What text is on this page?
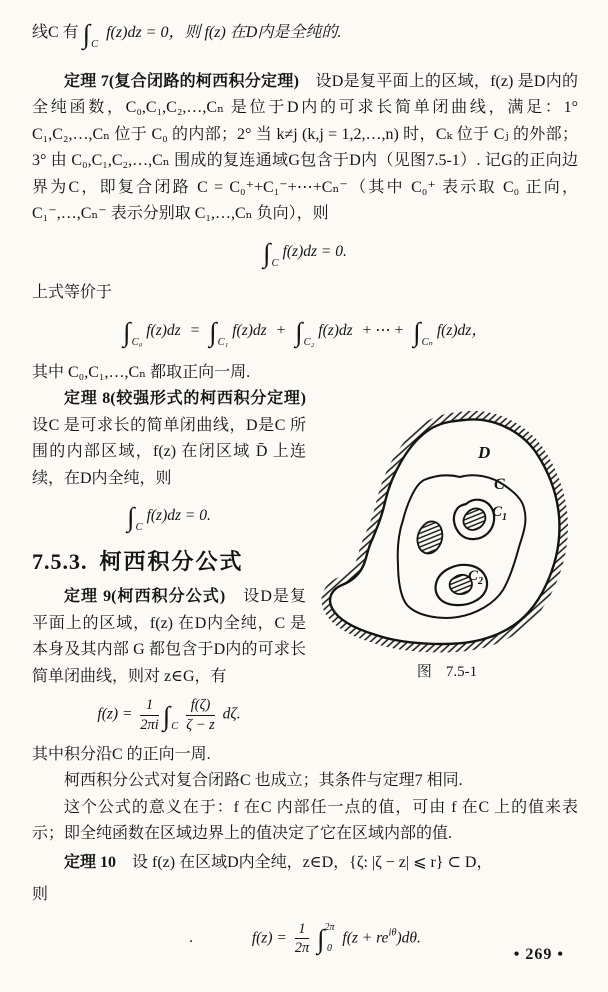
线C 有 $\int_C$ f(z)dz = 0，则 f(z) 在D内是全纯的.

定理 7(复合闭路的柯西积分定理)　设D是复平面上的区域，f(z) 是D内的全纯函数，C₀,C₁,C₂,…,Cₙ 是位于D内的可求长简单闭曲线，满足：1° C₁,C₂,…,Cₙ 位于 C₀ 的内部；2° 当 k≠j (k,j = 1,2,…,n) 时，Cₖ 位于 Cⱼ 的外部；3° 由 C₀,C₁,C₂,…,Cₙ 围成的复连通域G包含于D内（见图7.5-1）. 记G的正向边界为C，即复合闭路 C = C₀⁺+C₁⁻+⋯+Cₙ⁻（其中 C₀⁺ 表示取 C₀ 正向，C₁⁻,…,Cₙ⁻ 表示分别取 C₁,…,Cₙ 负向），则

$\int_Cf(z)dz = 0$.

上式等价于

$\int_{C_0}f(z)dz = \int_{C_1}f(z)dz + \int_{C_2}f(z)dz$ + ⋯ + $\int_{C_n}f(z)dz$，

其中 C₀,C₁,…,Cₙ 都取正向一周.

D
C
$C_1$
$C_2$
图 7.5-1

定理 8(较强形式的柯西积分定理) 设C 是可求长的简单闭曲线，D是C 所围的内部区域，f(z) 在闭区域 D̄ 上连续，在D内全纯，则

$\int_Cf(z)dz = 0$.
7.5.3. 柯西积分公式

定理 9(柯西积分公式)　设D是复平面上的区域，f(z) 在D内全纯，C 是本身及其内部 G 都包含于D内的可求长简单闭曲线，则对 z∈G，有

$f(z) = \frac{1}{2\pi i} \int_C \frac{f(\zeta)}{\zeta - z} d\zeta$.

其中积分沿C 的正向一周.

柯西积分公式对复合闭路C 也成立；其条件与定理7 相同.

这个公式的意义在于：f 在C 内部任一点的值，可由 f 在C 上的值来表示；即全纯函数在区域边界上的值决定了它在区域内部的值.

定理 10　设 f(z) 在区域D内全纯，z∈D，{ζ: |ζ − z| ⩽ r} ⊂ D，

则

.	$f(z) = \frac{1}{2\pi}$ ∫ 2π
0
$f(z + re^{i\theta})d\theta$.
• 269 •
